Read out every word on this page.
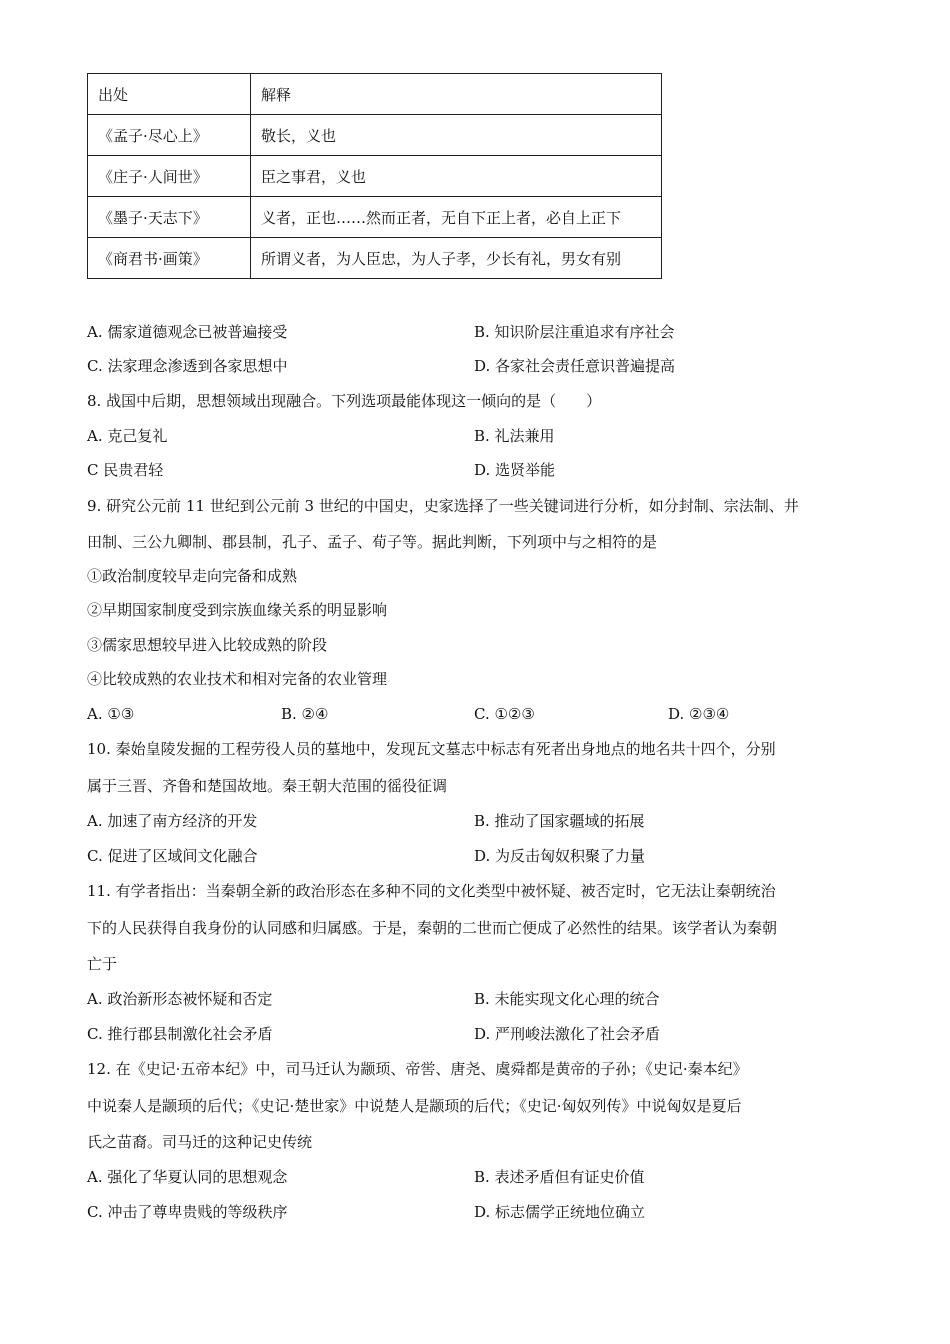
出处	解释
《孟子·尽心上》	敬长，义也
《庄子·人间世》	臣之事君，义也
《墨子·天志下》	义者，正也……然而正者，无自下正上者，必自上正下
《商君书·画策》	所谓义者，为人臣忠，为人子孝，少长有礼，男女有别
A. 儒家道德观念已被普遍接受	B. 知识阶层注重追求有序社会
C. 法家理念渗透到各家思想中	D. 各家社会责任意识普遍提高
8. 战国中后期，思想领域出现融合。下列选项最能体现这一倾向的是（　　）
A. 克己复礼	B. 礼法兼用
C 民贵君轻	D. 选贤举能
9. 研究公元前 11 世纪到公元前 3 世纪的中国史，史家选择了一些关键词进行分析，如分封制、宗法制、井
田制、三公九卿制、郡县制，孔子、孟子、荀子等。据此判断，下列项中与之相符的是
①政治制度较早走向完备和成熟
②早期国家制度受到宗族血缘关系的明显影响
③儒家思想较早进入比较成熟的阶段
④比较成熟的农业技术和相对完备的农业管理
A. ①③	B. ②④	C. ①②③	D. ②③④
10. 秦始皇陵发掘的工程劳役人员的墓地中，发现瓦文墓志中标志有死者出身地点的地名共十四个，分别
属于三晋、齐鲁和楚国故地。秦王朝大范围的徭役征调
A. 加速了南方经济的开发	B. 推动了国家疆域的拓展
C. 促进了区域间文化融合	D. 为反击匈奴积聚了力量
11. 有学者指出：当秦朝全新的政治形态在多种不同的文化类型中被怀疑、被否定时，它无法让秦朝统治
下的人民获得自我身份的认同感和归属感。于是，秦朝的二世而亡便成了必然性的结果。该学者认为秦朝
亡于
A. 政治新形态被怀疑和否定	B. 未能实现文化心理的统合
C. 推行郡县制激化社会矛盾	D. 严刑峻法激化了社会矛盾
12. 在《史记·五帝本纪》中，司马迁认为颛顼、帝喾、唐尧、虞舜都是黄帝的子孙；《史记·秦本纪》
中说秦人是颛顼的后代；《史记·楚世家》中说楚人是颛顼的后代；《史记·匈奴列传》中说匈奴是夏后
氏之苗裔。司马迁的这种记史传统
A. 强化了华夏认同的思想观念	B. 表述矛盾但有证史价值
C. 冲击了尊卑贵贱的等级秩序	D. 标志儒学正统地位确立
